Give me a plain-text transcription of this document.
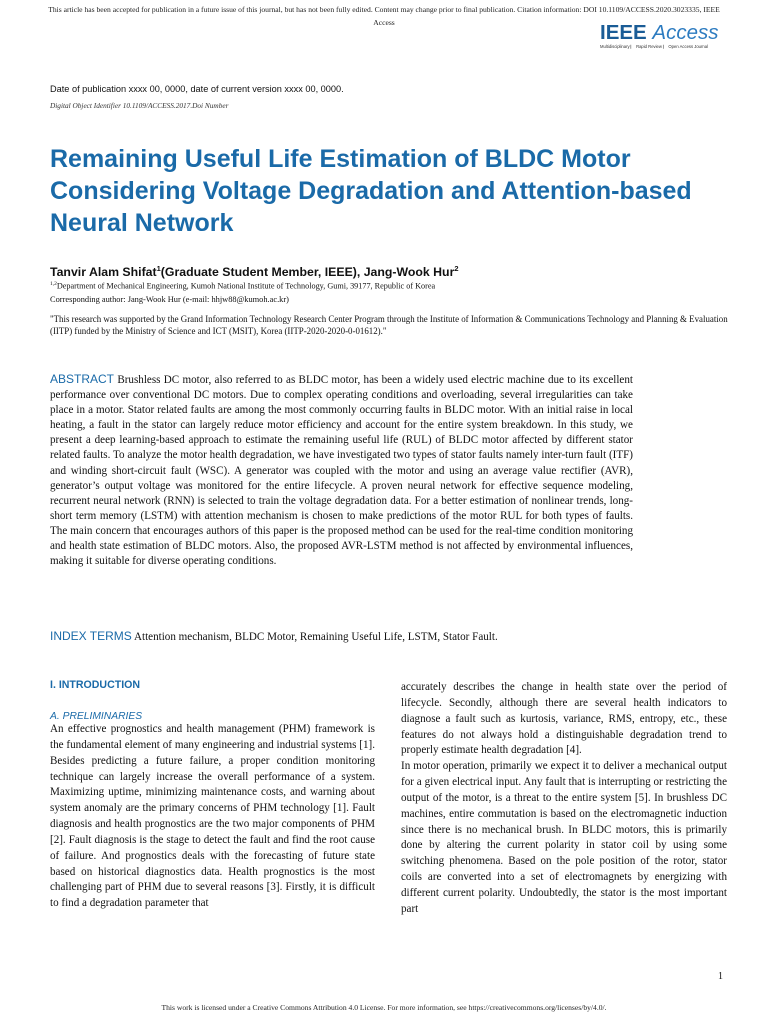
This article has been accepted for publication in a future issue of this journal, but has not been fully edited. Content may change prior to final publication. Citation information: DOI 10.1109/ACCESS.2020.3023335, IEEE Access	IEEE Access
Multidisciplinary ⎸ Rapid Review ⎸ Open Access Journal
Date of publication xxxx 00, 0000, date of current version xxxx 00, 0000.
Digital Object Identifier 10.1109/ACCESS.2017.Doi Number
Remaining Useful Life Estimation of BLDC Motor Considering Voltage Degradation and Attention-based Neural Network
Tanvir Alam Shifat$^1$(Graduate Student Member, IEEE), Jang-Wook Hur$^2$
$^{1,2}$Department of Mechanical Engineering, Kumoh National Institute of Technology, Gumi, 39177, Republic of Korea
Corresponding author: Jang-Wook Hur (e-mail: hhjw88@kumoh.ac.kr)
"This research was supported by the Grand Information Technology Research Center Program through the Institute of Information & Communications Technology and Planning & Evaluation (IITP) funded by the Ministry of Science and ICT (MSIT), Korea (IITP-2020-2020-0-01612)."
ABSTRACT Brushless DC motor, also referred to as BLDC motor, has been a widely used electric machine due to its excellent performance over conventional DC motors. Due to complex operating conditions and overloading, several irregularities can take place in a motor. Stator related faults are among the most commonly occurring faults in BLDC motor. With an initial raise in local heating, a fault in the stator can largely reduce motor efficiency and account for the entire system breakdown. In this study, we present a deep learning-based approach to estimate the remaining useful life (RUL) of BLDC motor affected by different stator related faults. To analyze the motor health degradation, we have investigated two types of stator faults namely inter-turn fault (ITF) and winding short-circuit fault (WSC). A generator was coupled with the motor and using an average value rectifier (AVR), generator’s output voltage was monitored for the entire lifecycle. A proven neural network for effective sequence modeling, recurrent neural network (RNN) is selected to train the voltage degradation data. For a better estimation of nonlinear trends, long-short term memory (LSTM) with attention mechanism is chosen to make predictions of the motor RUL for both types of faults. The main concern that encourages authors of this paper is the proposed method can be used for the real-time condition monitoring and health state estimation of BLDC motors. Also, the proposed AVR-LSTM method is not affected by environmental influences, making it suitable for diverse operating conditions.
INDEX TERMS Attention mechanism, BLDC Motor, Remaining Useful Life, LSTM, Stator Fault.
I. INTRODUCTION
A. PRELIMINARIES

An effective prognostics and health management (PHM) framework is the fundamental element of many engineering and industrial systems [1]. Besides predicting a future failure, a proper condition monitoring technique can largely increase the overall performance of a system. Maximizing uptime, minimizing maintenance costs, and warning about system anomaly are the primary concerns of PHM technology [1]. Fault diagnosis and health prognostics are the two major components of PHM [2]. Fault diagnosis is the stage to detect the fault and find the root cause of failure. And prognostics deals with the forecasting of future state based on historical diagnostics data. Health prognostics is the most challenging part of PHM due to several reasons [3]. Firstly, it is difficult to find a degradation parameter that

accurately describes the change in health state over the period of lifecycle. Secondly, although there are several health indicators to diagnose a fault such as kurtosis, variance, RMS, entropy, etc., these features do not always hold a distinguishable degradation trend to properly estimate health degradation [4].

In motor operation, primarily we expect it to deliver a mechanical output for a given electrical input. Any fault that is interrupting or restricting the output of the motor, is a threat to the entire system [5]. In brushless DC machines, entire commutation is based on the electromagnetic induction since there is no mechanical brush. In BLDC motors, this is primarily done by altering the current polarity in stator coil by using some switching phenomena. Based on the pole position of the rotor, stator coils are converted into a set of electromagnets by energizing with different current polarity. Undoubtedly, the stator is the most important part

1
This work is licensed under a Creative Commons Attribution 4.0 License. For more information, see https://creativecommons.org/licenses/by/4.0/.
